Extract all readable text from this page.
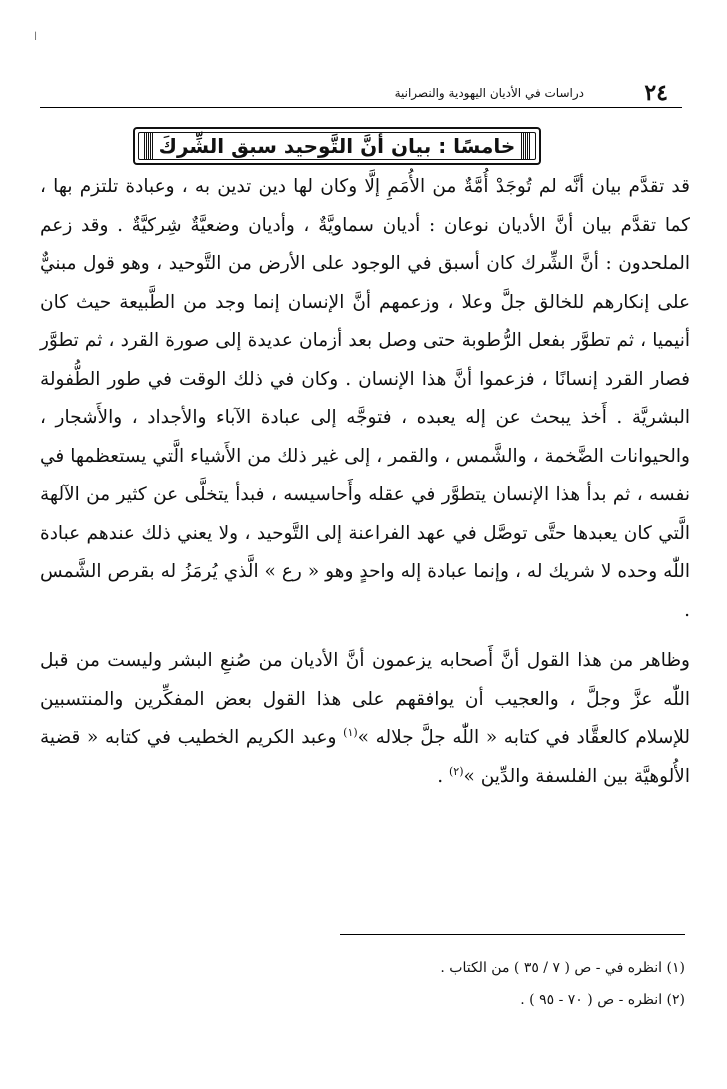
ا
٢٤
دراسات في الأديان اليهودية والنصرانية
خامسًا : بيان أنَّ التَّوحيد سبق الشِّركَ

قد تقدَّم بيان أنَّه لم تُوجَدْ أُمَّةٌ من الأُمَمِ إلَّا وكان لها دين تدين به ، وعبادة تلتزم بها ، كما تقدَّم بيان أنَّ الأديان نوعان : أديان سماويَّةٌ ، وأديان وضعيَّةٌ شِركيَّةٌ . وقد زعم الملحدون : أنَّ الشِّرك كان أسبق في الوجود على الأرض من التَّوحيد ، وهو قول مبنيٌّ على إنكارهم للخالق جلَّ وعلا ، وزعمهم أنَّ الإنسان إنما وجد من الطَّبيعة حيث كان أنيميا ، ثم تطوَّر بفعل الرُّطوبة حتى وصل بعد أزمان عديدة إلى صورة القرد ، ثم تطوَّر فصار القرد إنسانًا ، فزعموا أنَّ هذا الإنسان . وكان في ذلك الوقت في طور الطُّفولة البشريَّة . أَخذ يبحث عن إله يعبده ، فتوجَّه إلى عبادة الآباء والأجداد ، والأَشجار ، والحيوانات الضَّخمة ، والشَّمس ، والقمر ، إلى غير ذلك من الأَشياء الَّتي يستعظمها في نفسه ، ثم بدأ هذا الإنسان يتطوَّر في عقله وأَحاسيسه ، فبدأ يتخلَّى عن كثير من الآلهة الَّتي كان يعبدها حتَّى توصَّل في عهد الفراعنة إلى التَّوحيد ، ولا يعني ذلك عندهم عبادة اللّٰه وحده لا شريك له ، وإنما عبادة إله واحدٍ وهو « رع » الَّذي يُرمَزُ له بقرص الشَّمس .

وظاهر من هذا القول أنَّ أَصحابه يزعمون أنَّ الأديان من صُنعِ البشر وليست من قبل اللّٰه عزَّ وجلَّ ، والعجيب أن يوافقهم على هذا القول بعض المفكِّرين والمنتسبين للإسلام كالعقَّاد في كتابه « اللّٰه جلَّ جلاله »$^{(١)}$ وعبد الكريم الخطيب في كتابه « قضية الأُلوهيَّة بين الفلسفة والدِّين »$^{(٢)}$ .

(١) انظره في - ص ( ٧ / ٣٥ ) من الكتاب .

(٢) انظره - ص ( ٧٠ - ٩٥ ) .
